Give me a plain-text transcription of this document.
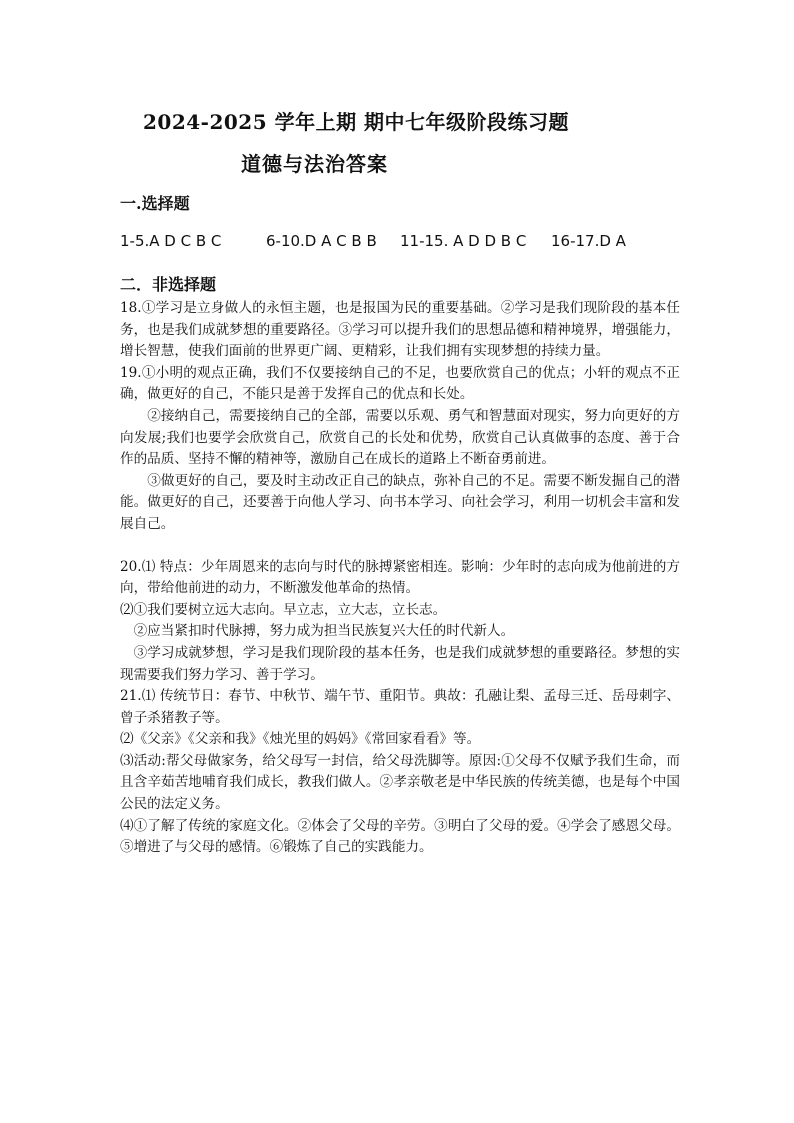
2024-2025 学年上期 期中七年级阶段练习题
道德与法治答案
一.选择题
1-5.A D C B C	6-10.D A C B B	11-15. A D D B C	16-17.D A
二．非选择题

18.①学习是立身做人的永恒主题，也是报国为民的重要基础。②学习是我们现阶段的基本任务，也是我们成就梦想的重要路径。③学习可以提升我们的思想品德和精神境界，增强能力，增长智慧，使我们面前的世界更广阔、更精彩，让我们拥有实现梦想的持续力量。

19.①小明的观点正确，我们不仅要接纳自己的不足，也要欣赏自己的优点；小轩的观点不正确，做更好的自己，不能只是善于发挥自己的优点和长处。

②接纳自己，需要接纳自己的全部，需要以乐观、勇气和智慧面对现实，努力向更好的方向发展;我们也要学会欣赏自己，欣赏自己的长处和优势，欣赏自己认真做事的态度、善于合作的品质、坚持不懈的精神等，激励自己在成长的道路上不断奋勇前进。

③做更好的自己，要及时主动改正自己的缺点，弥补自己的不足。需要不断发掘自己的潜能。做更好的自己，还要善于向他人学习、向书本学习、向社会学习，利用一切机会丰富和发展自己。

20.⑴ 特点：少年周恩来的志向与时代的脉搏紧密相连。影响：少年时的志向成为他前进的方向，带给他前进的动力，不断激发他革命的热情。

⑵①我们要树立远大志向。早立志，立大志，立长志。

②应当紧扣时代脉搏，努力成为担当民族复兴大任的时代新人。

③学习成就梦想，学习是我们现阶段的基本任务，也是我们成就梦想的重要路径。梦想的实现需要我们努力学习、善于学习。

21.⑴ 传统节日：春节、中秋节、端午节、重阳节。典故：孔融让梨、孟母三迁、岳母刺字、曾子杀猪教子等。

⑵《父亲》《父亲和我》《烛光里的妈妈》《常回家看看》等。

⑶活动:帮父母做家务，给父母写一封信，给父母洗脚等。原因:①父母不仅赋予我们生命，而且含辛茹苦地哺育我们成长，教我们做人。②孝亲敬老是中华民族的传统美德，也是每个中国公民的法定义务。

⑷①了解了传统的家庭文化。②体会了父母的辛劳。③明白了父母的爱。④学会了感恩父母。⑤增进了与父母的感情。⑥锻炼了自己的实践能力。
